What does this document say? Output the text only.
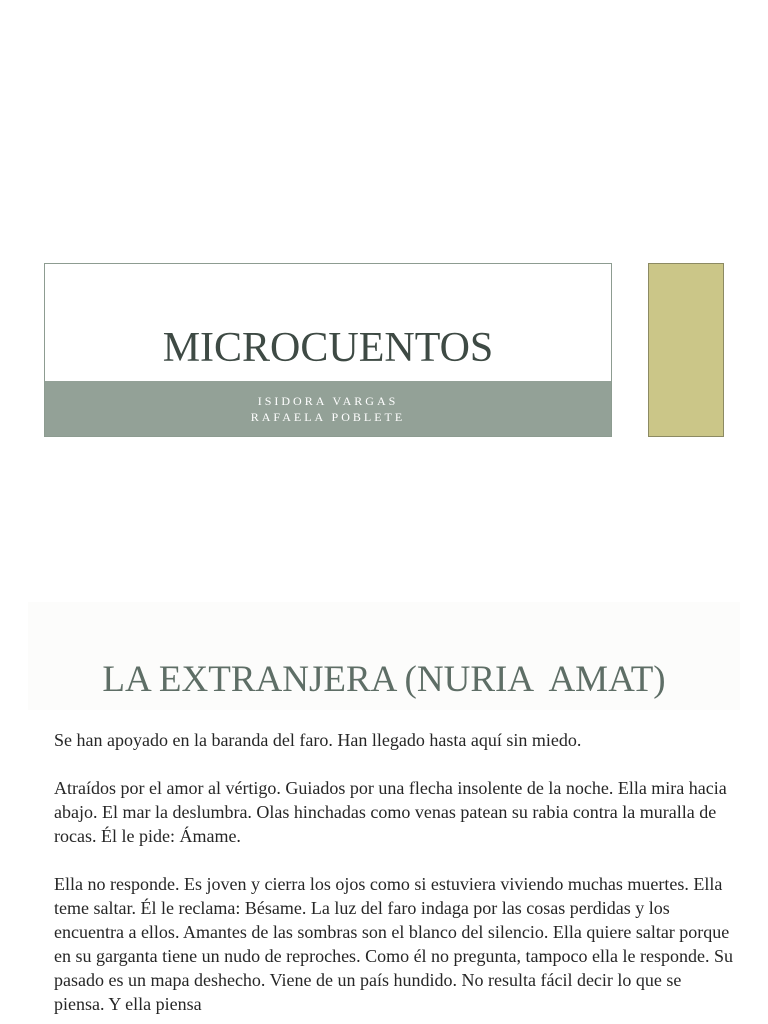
MICROCUENTOS
ISIDORA VARGAS
RAFAELA POBLETE
LA EXTRANJERA (NURIA  AMAT)

Se han apoyado en la baranda del faro. Han llegado hasta aquí sin miedo.

Atraídos por el amor al vértigo. Guiados por una flecha insolente de la noche. Ella mira hacia abajo. El mar la deslumbra. Olas hinchadas como venas patean su rabia contra la muralla de rocas. Él le pide: Ámame.

Ella no responde. Es joven y cierra los ojos como si estuviera viviendo muchas muertes. Ella teme saltar. Él le reclama: Bésame. La luz del faro indaga por las cosas perdidas y los encuentra a ellos. Amantes de las sombras son el blanco del silencio. Ella quiere saltar porque en su garganta tiene un nudo de reproches. Como él no pregunta, tampoco ella le responde. Su pasado es un mapa deshecho. Viene de un país hundido. No resulta fácil decir lo que se piensa. Y ella piensa
